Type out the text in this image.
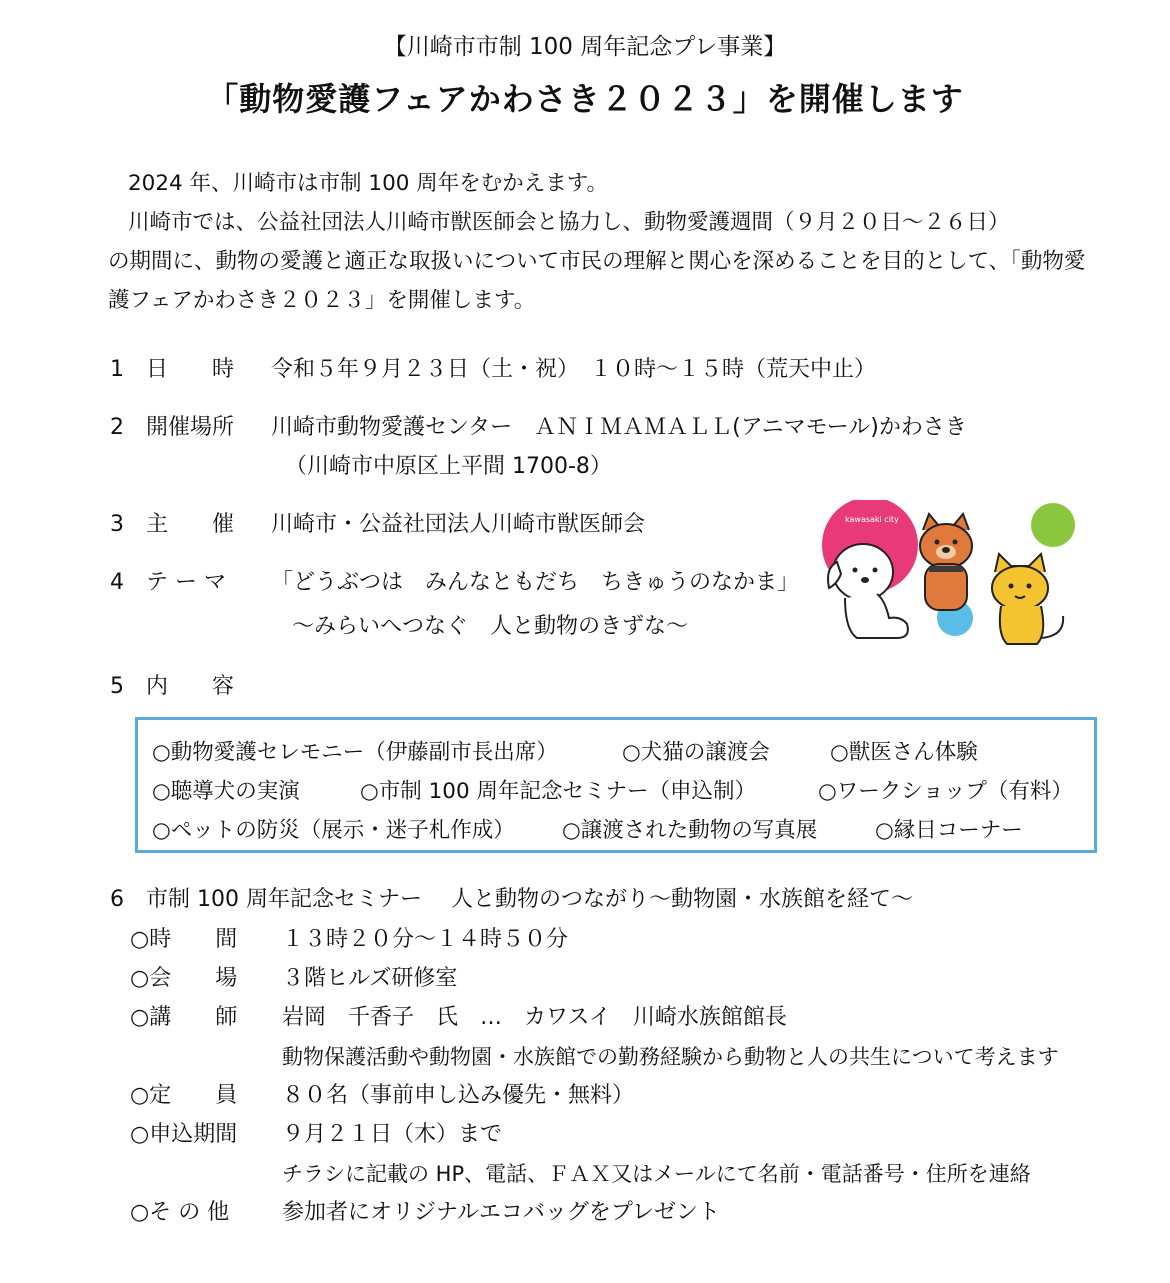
【川崎市市制 100 周年記念プレ事業】
「動物愛護フェアかわさき２０２３」を開催します
2024 年、川崎市は市制 100 周年をむかえます。
川崎市では、公益社団法人川崎市獣医師会と協力し、動物愛護週間（９月２０日～２６日）
の期間に、動物の愛護と適正な取扱いについて市民の理解と関心を深めることを目的として、「動物愛
護フェアかわさき２０２３」を開催します。
1 日　　時 令和５年９月２３日（土・祝）　１０時～１５時（荒天中止）
2 開催場所 川崎市動物愛護センター　ＡＮＩＭＡＭＡＬＬ(アニマモール)かわさき
（川崎市中原区上平間 1700-8）
3 主　　催 川崎市・公益社団法人川崎市獣医師会
4 テ ー マ 「どうぶつは　みんなともだち　ちきゅうのなかま」
～みらいへつなぐ　人と動物のきずな～
kawasaki city
5 内　　容
○動物愛護セレモニー（伊藤副市長出席）	○犬猫の譲渡会	○獣医さん体験
○聴導犬の実演	○市制 100 周年記念セミナー（申込制）	○ワークショップ（有料）
○ペットの防災（展示・迷子札作成） ○譲渡された動物の写真展	○縁日コーナー
6 市制 100 周年記念セミナー　 人と動物のつながり～動物園・水族館を経て～
○時　　間 １３時２０分～１４時５０分
○会　　場 ３階ヒルズ研修室
○講　　師 岩岡　千香子　氏　…　カワスイ　川崎水族館館長
動物保護活動や動物園・水族館での勤務経験から動物と人の共生について考えます
○定　　員 ８０名（事前申し込み優先・無料）
○申込期間 ９月２１日（木）まで
チラシに記載の HP、電話、ＦＡＸ又はメールにて名前・電話番号・住所を連絡
○そ の 他 参加者にオリジナルエコバッグをプレゼント
